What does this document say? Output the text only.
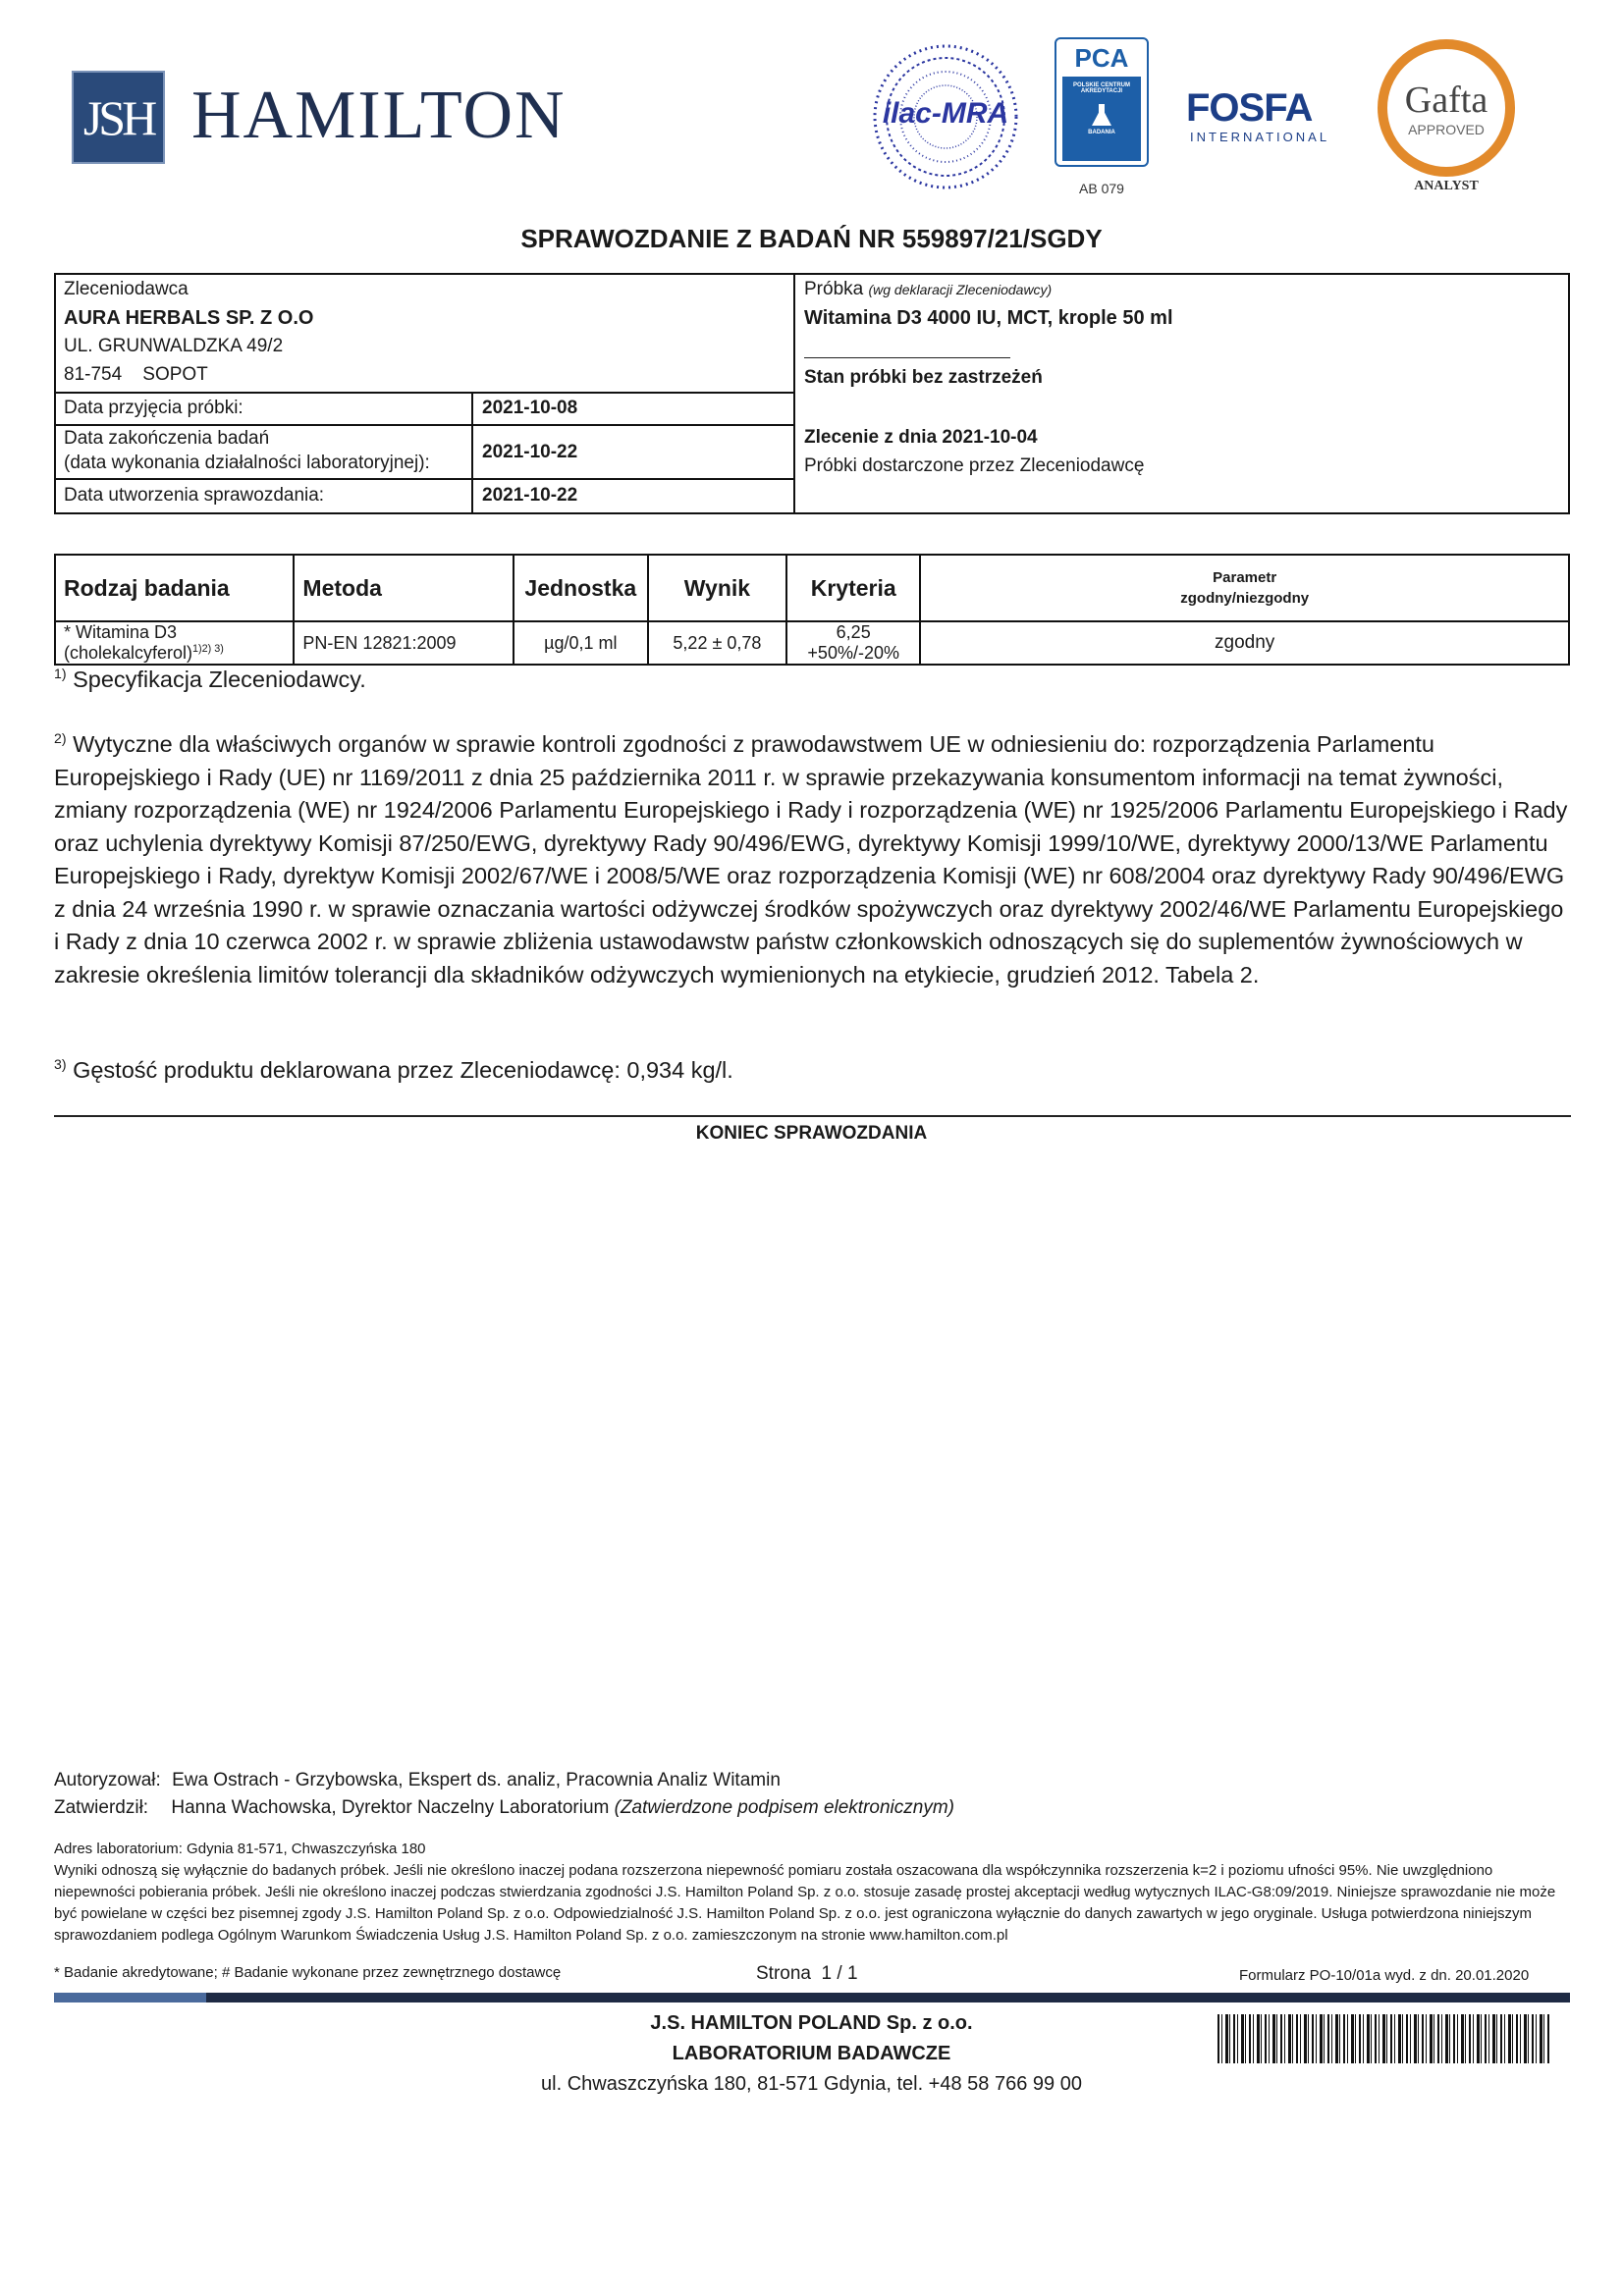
JSH HAMILTON	ilac-MRA
PCA
POLSKIE CENTRUM
AKREDYTACJI
BADANIA
AB 079
FOSFA
INTERNATIONAL
Gafta
APPROVED
ANALYST
SPRAWOZDANIE Z BADAŃ NR 559897/21/SGDY
Zleceniodawca
AURA HERBALS SP. Z O.O
UL. GRUNWALDZKA 49/2
81-754    SOPOT
Data przyjęcia próbki:	2021-10-08
Data zakończenia badań
(data wykonania działalności laboratoryjnej):
2021-10-22
Data utworzenia sprawozdania:	2021-10-22
Próbka (wg deklaracji Zleceniodawcy)
Witamina D3 4000 IU, MCT, krople 50 ml
Stan próbki bez zastrzeżeń
Zlecenie z dnia 2021-10-04
Próbki dostarczone przez Zleceniodawcę
Rodzaj badania	Metoda	Jednostka	Wynik	Kryteria	Parametr
zgodny/niezgodny

* Witamina D3 (cholekalcyferol)$^{1)2) 3)}$	PN-EN 12821:2009	µg/0,1 ml	5,22 ± 0,78	6,25 +50%/-20%	zgodny
$^{1)}$ Specyfikacja Zleceniodawcy.
$^{2)}$ Wytyczne dla właściwych organów w sprawie kontroli zgodności z prawodawstwem UE w odniesieniu do: rozporządzenia Parlamentu Europejskiego i Rady (UE) nr 1169/2011 z dnia 25 października 2011 r. w sprawie przekazywania konsumentom informacji na temat żywności, zmiany rozporządzenia (WE) nr 1924/2006 Parlamentu Europejskiego i Rady i rozporządzenia (WE) nr 1925/2006 Parlamentu Europejskiego i Rady oraz uchylenia dyrektywy Komisji 87/250/EWG, dyrektywy Rady 90/496/EWG, dyrektywy Komisji 1999/10/WE, dyrektywy 2000/13/WE Parlamentu Europejskiego i Rady, dyrektyw Komisji 2002/67/WE i 2008/5/WE oraz rozporządzenia Komisji (WE) nr 608/2004 oraz dyrektywy Rady 90/496/EWG z dnia 24 września 1990 r. w sprawie oznaczania wartości odżywczej środków spożywczych oraz dyrektywy 2002/46/WE Parlamentu Europejskiego i Rady z dnia 10 czerwca 2002 r. w sprawie zbliżenia ustawodawstw państw członkowskich odnoszących się do suplementów żywnościowych w zakresie określenia limitów tolerancji dla składników odżywczych wymienionych na etykiecie, grudzień 2012. Tabela 2.
$^{3)}$ Gęstość produktu deklarowana przez Zleceniodawcę: 0,934 kg/l.
KONIEC SPRAWOZDANIA
Autoryzował: Ewa Ostrach - Grzybowska, Ekspert ds. analiz, Pracownia Analiz Witamin
Zatwierdził: Hanna Wachowska, Dyrektor Naczelny Laboratorium (Zatwierdzone podpisem elektronicznym)
Adres laboratorium: Gdynia 81-571, Chwaszczyńska 180
Wyniki odnoszą się wyłącznie do badanych próbek. Jeśli nie określono inaczej podana rozszerzona niepewność pomiaru została oszacowana dla współczynnika rozszerzenia k=2 i poziomu ufności 95%. Nie uwzględniono niepewności pobierania próbek. Jeśli nie określono inaczej podczas stwierdzania zgodności J.S. Hamilton Poland Sp. z o.o. stosuje zasadę prostej akceptacji według wytycznych ILAC-G8:09/2019. Niniejsze sprawozdanie nie może być powielane w części bez pisemnej zgody J.S. Hamilton Poland Sp. z o.o. Odpowiedzialność J.S. Hamilton Poland Sp. z o.o. jest ograniczona wyłącznie do danych zawartych w jego oryginale. Usługa potwierdzona niniejszym sprawozdaniem podlega Ogólnym Warunkom Świadczenia Usług J.S. Hamilton Poland Sp. z o.o. zamieszczonym na stronie www.hamilton.com.pl
* Badanie akredytowane; # Badanie wykonane przez zewnętrznego dostawcę	Strona  1 / 1	Formularz PO-10/01a wyd. z dn. 20.01.2020
J.S. HAMILTON POLAND Sp. z o.o.
LABORATORIUM BADAWCZE
ul. Chwaszczyńska 180, 81-571 Gdynia, tel. +48 58 766 99 00
